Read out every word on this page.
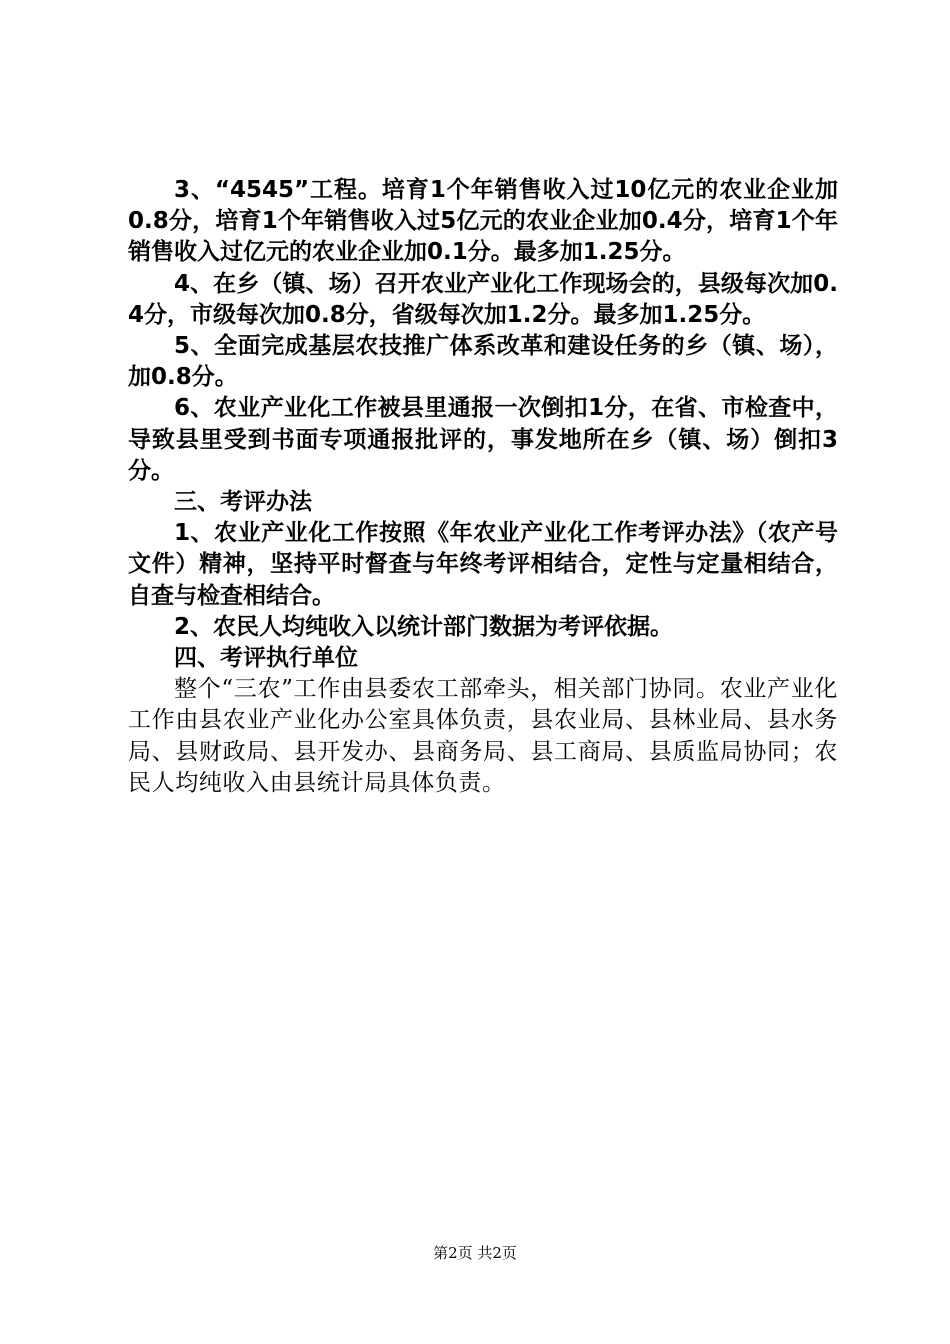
3、“4545”工程。培育1个年销售收入过10亿元的农业企业加0.8分，培育1个年销售收入过5亿元的农业企业加0.4分，培育1个年销售收入过亿元的农业企业加0.1分。最多加1.25分。

4、在乡（镇、场）召开农业产业化工作现场会的，县级每次加0.4分，市级每次加0.8分，省级每次加1.2分。最多加1.25分。

5、全面完成基层农技推广体系改革和建设任务的乡（镇、场），加0.8分。

6、农业产业化工作被县里通报一次倒扣1分，在省、市检查中，导致县里受到书面专项通报批评的，事发地所在乡（镇、场）倒扣3分。

三、考评办法

1、农业产业化工作按照《年农业产业化工作考评办法》（农产号文件）精神，坚持平时督查与年终考评相结合，定性与定量相结合，自查与检查相结合。

2、农民人均纯收入以统计部门数据为考评依据。

四、考评执行单位

整个“三农”工作由县委农工部牵头，相关部门协同。农业产业化工作由县农业产业化办公室具体负责，县农业局、县林业局、县水务局、县财政局、县开发办、县商务局、县工商局、县质监局协同；农民人均纯收入由县统计局具体负责。

第2页 共2页
